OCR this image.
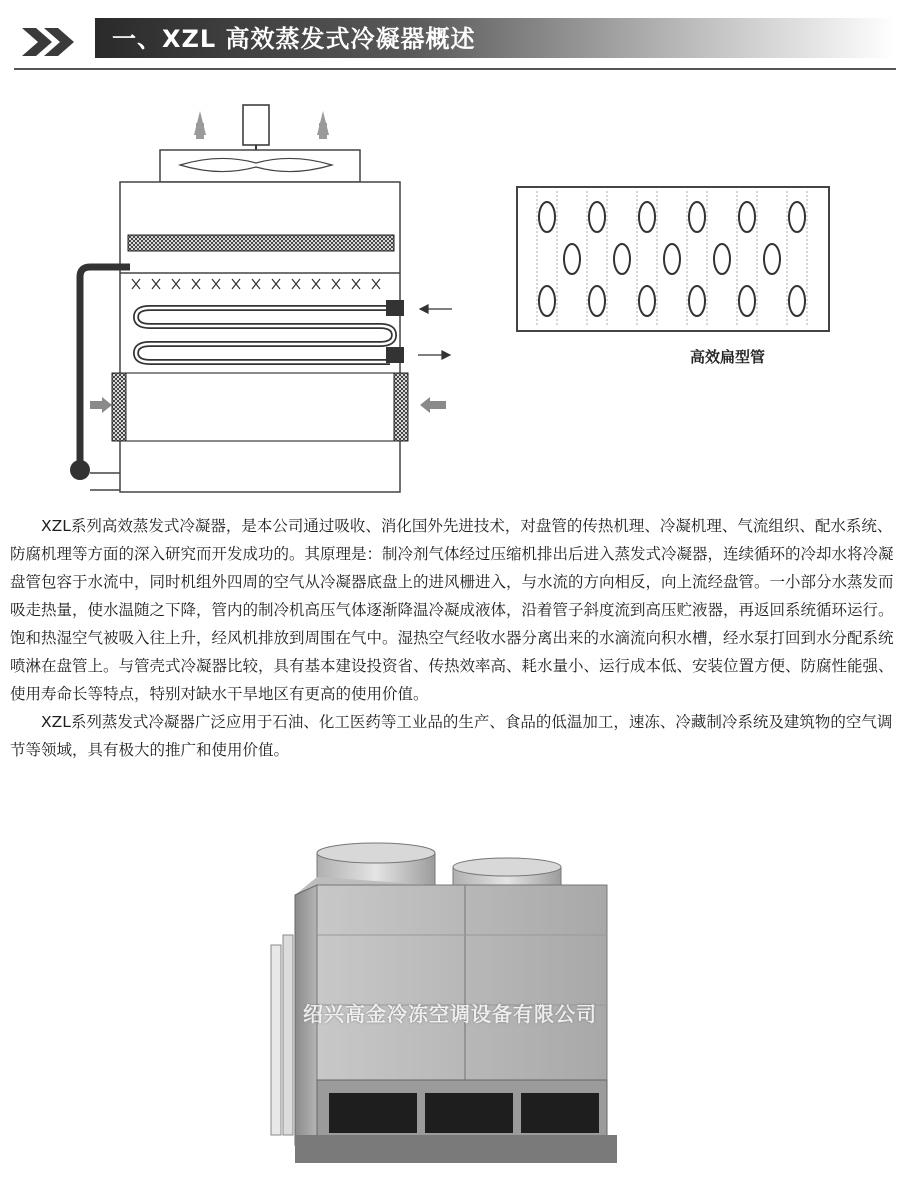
一、XZL 高效蒸发式冷凝器概述
高效扁型管

XZL系列高效蒸发式冷凝器，是本公司通过吸收、消化国外先进技术，对盘管的传热机理、冷凝机理、气流组织、配水系统、防腐机理等方面的深入研究而开发成功的。其原理是：制冷剂气体经过压缩机排出后进入蒸发式冷凝器，连续循环的冷却水将冷凝盘管包容于水流中，同时机组外四周的空气从冷凝器底盘上的进风栅进入，与水流的方向相反，向上流经盘管。一小部分水蒸发而吸走热量，使水温随之下降，管内的制冷机高压气体逐渐降温冷凝成液体，沿着管子斜度流到高压贮液器，再返回系统循环运行。饱和热湿空气被吸入往上升，经风机排放到周围在气中。湿热空气经收水器分离出来的水滴流向积水槽，经水泵打回到水分配系统喷淋在盘管上。与管壳式冷凝器比较，具有基本建设投资省、传热效率高、耗水量小、运行成本低、安装位置方便、防腐性能强、使用寿命长等特点，特别对缺水干旱地区有更高的使用价值。

XZL系列蒸发式冷凝器广泛应用于石油、化工医药等工业品的生产、食品的低温加工，速冻、冷藏制冷系统及建筑物的空气调节等领域，具有极大的推广和使用价值。

绍兴高金冷冻空调设备有限公司
